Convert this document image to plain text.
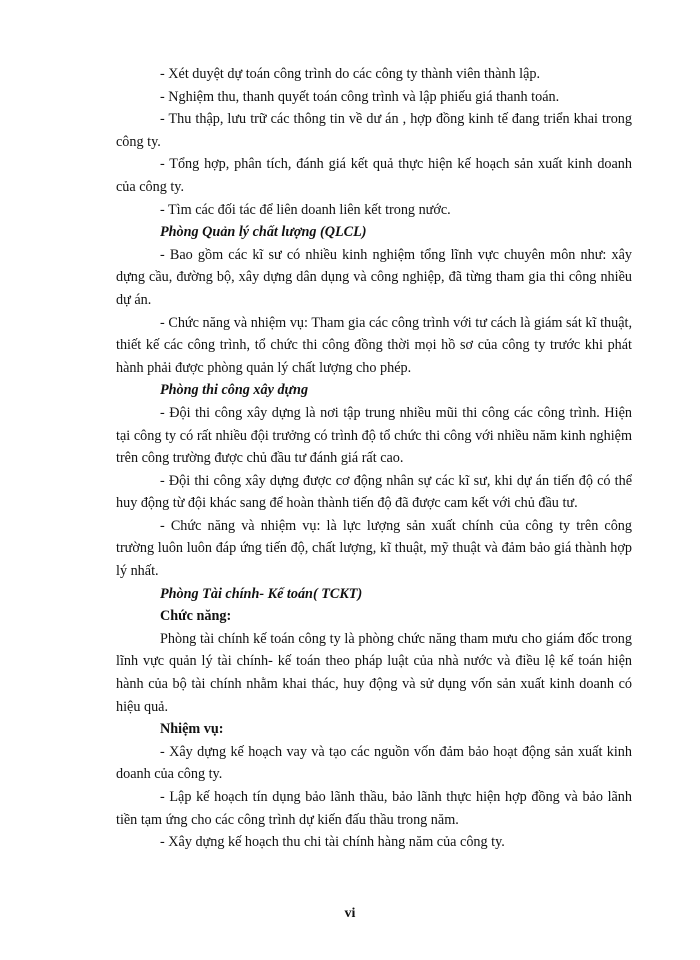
- Xét duyệt dự toán công trình do các công ty thành viên thành lập.

- Nghiệm thu, thanh quyết toán công trình và lập phiếu giá thanh toán.

- Thu thập, lưu trữ các thông tin về dư án , hợp đồng kinh tế đang triển khai trong công ty.

- Tổng hợp, phân tích, đánh giá kết quả thực hiện kế hoạch sản xuất kinh doanh của công ty.

- Tìm các đối tác để liên doanh liên kết trong nước.

Phòng Quản lý chất lượng (QLCL)

- Bao gồm các kĩ sư có nhiều kinh nghiệm tổng lĩnh vực chuyên môn như: xây dựng cầu, đường bộ, xây dựng dân dụng và công nghiệp, đã từng tham gia thi công nhiều dự án.

- Chức năng và nhiệm vụ: Tham gia các công trình với tư cách là giám sát kĩ thuật, thiết kế các công trình, tổ chức thi công đồng thời mọi hồ sơ của công ty trước khi phát hành phải được phòng quản lý chất lượng cho phép.

Phòng thi công xây dựng

- Đội thi công xây dựng là nơi tập trung nhiều mũi thi công các công trình. Hiện tại công ty có rất nhiều đội trưởng có trình độ tổ chức thi công với nhiều năm kinh nghiệm trên công trường được chủ đầu tư đánh giá rất cao.

- Đội thi công xây dựng được cơ động nhân sự các kĩ sư, khi dự án tiến độ có thể huy động từ đội khác sang để hoàn thành tiến độ đã được cam kết với chủ đầu tư.

- Chức năng và nhiệm vụ: là lực lượng sản xuất chính của công ty trên công trường luôn luôn đáp ứng tiến độ, chất lượng, kĩ thuật, mỹ thuật và đảm bảo giá thành hợp lý nhất.

Phòng Tài chính- Kế toán( TCKT)

Chức năng:

Phòng tài chính kế toán công ty là phòng chức năng tham mưu cho giám đốc trong lĩnh vực quản lý tài chính- kế toán theo pháp luật của nhà nước và điều lệ kế toán hiện hành của bộ tài chính nhằm khai thác, huy động và sử dụng vốn sản xuất kinh doanh có hiệu quả.

Nhiệm vụ:

- Xây dựng kế hoạch vay và tạo các nguồn vốn đảm bảo hoạt động sản xuất kinh doanh của công ty.

- Lập kế hoạch tín dụng bảo lãnh thầu, bảo lãnh thực hiện hợp đồng và bảo lãnh tiền tạm ứng cho các công trình dự kiến đấu thầu trong năm.

- Xây dựng kế hoạch thu chi tài chính hàng năm của công ty.

vi
